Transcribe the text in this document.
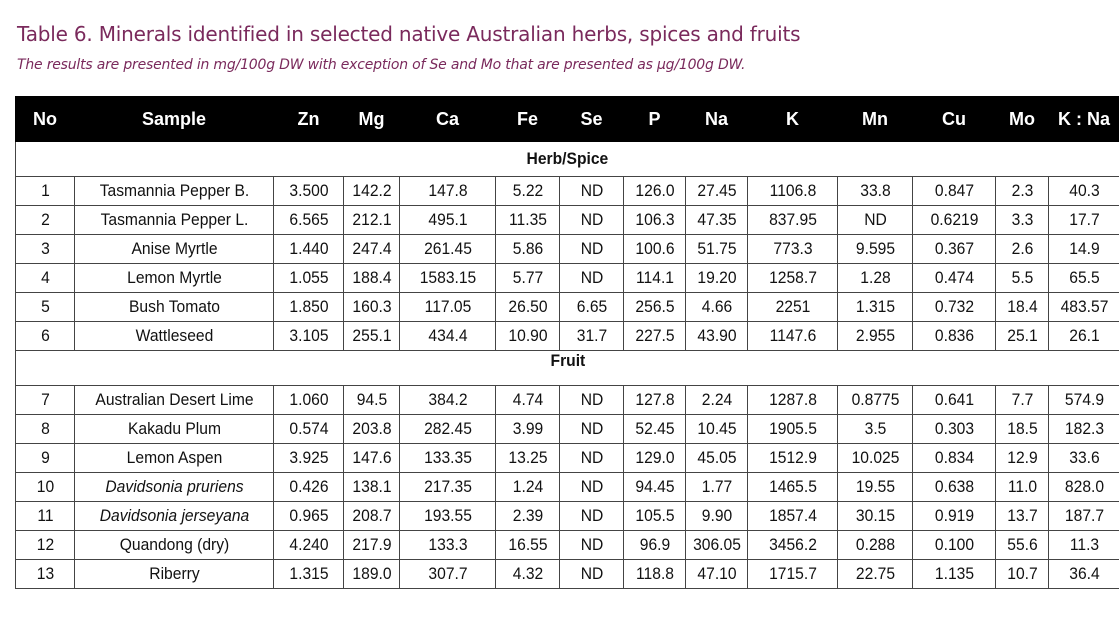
Table 6. Minerals identified in selected native Australian herbs, spices and fruits
The results are presented in mg/100g DW with exception of Se and Mo that are presented as μg/100g DW.
No	Sample	Zn	Mg	Ca	Fe	Se	P	Na	K	Mn	Cu	Mo	K : Na
Herb/Spice													
1	Tasmannia Pepper B.	3.500	142.2	147.8	5.22	ND	126.0	27.45	1106.8	33.8	0.847	2.3	40.3
2	Tasmannia Pepper L.	6.565	212.1	495.1	11.35	ND	106.3	47.35	837.95	ND	0.6219	3.3	17.7
3	Anise Myrtle	1.440	247.4	261.45	5.86	ND	100.6	51.75	773.3	9.595	0.367	2.6	14.9
4	Lemon Myrtle	1.055	188.4	1583.15	5.77	ND	114.1	19.20	1258.7	1.28	0.474	5.5	65.5
5	Bush Tomato	1.850	160.3	117.05	26.50	6.65	256.5	4.66	2251	1.315	0.732	18.4	483.57
6	Wattleseed	3.105	255.1	434.4	10.90	31.7	227.5	43.90	1147.6	2.955	0.836	25.1	26.1
Fruit													
7	Australian Desert Lime	1.060	94.5	384.2	4.74	ND	127.8	2.24	1287.8	0.8775	0.641	7.7	574.9
8	Kakadu Plum	0.574	203.8	282.45	3.99	ND	52.45	10.45	1905.5	3.5	0.303	18.5	182.3
9	Lemon Aspen	3.925	147.6	133.35	13.25	ND	129.0	45.05	1512.9	10.025	0.834	12.9	33.6
10	Davidsonia pruriens	0.426	138.1	217.35	1.24	ND	94.45	1.77	1465.5	19.55	0.638	11.0	828.0
11	Davidsonia jerseyana	0.965	208.7	193.55	2.39	ND	105.5	9.90	1857.4	30.15	0.919	13.7	187.7
12	Quandong (dry)	4.240	217.9	133.3	16.55	ND	96.9	306.05	3456.2	0.288	0.100	55.6	11.3
13	Riberry	1.315	189.0	307.7	4.32	ND	118.8	47.10	1715.7	22.75	1.135	10.7	36.4
